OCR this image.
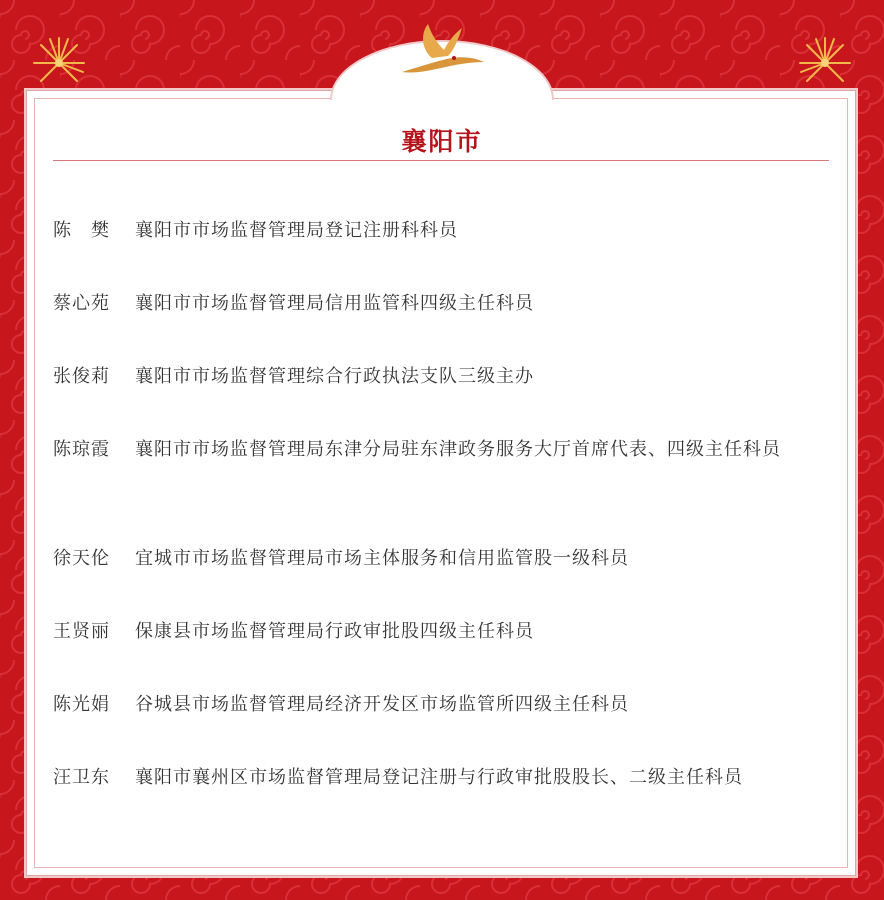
襄阳市
陈　樊 襄阳市市场监督管理局登记注册科科员
蔡心苑 襄阳市市场监督管理局信用监管科四级主任科员
张俊莉 襄阳市市场监督管理综合行政执法支队三级主办
陈琼霞 襄阳市市场监督管理局东津分局驻东津政务服务大厅首席代表、四级主任科员
徐天伦 宜城市市场监督管理局市场主体服务和信用监管股一级科员
王贤丽 保康县市场监督管理局行政审批股四级主任科员
陈光娟 谷城县市场监督管理局经济开发区市场监管所四级主任科员
汪卫东 襄阳市襄州区市场监督管理局登记注册与行政审批股股长、二级主任科员
